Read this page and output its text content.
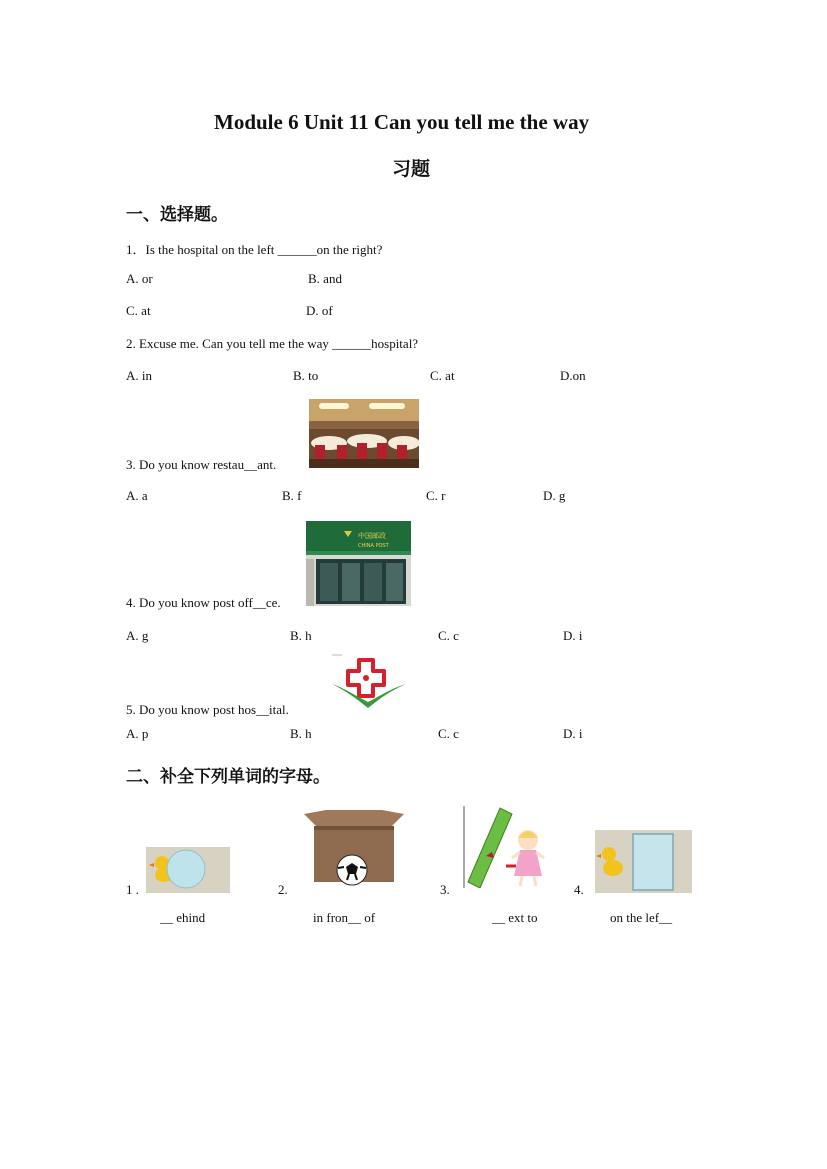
Module 6 Unit 11 Can you tell me the way
习题
一、选择题。
1．Is the hospital on the left ______on the right?
A. or	B. and
C. at	D. of
2. Excuse me. Can you tell me the way ______hospital?
A. in	B. to	C. at	D.on
3. Do you know restau__ant.
A. a	B. f	C. r	D. g
中国邮政
CHINA POST
4. Do you know post off__ce.
A. g	B. h	C. c	D. i
5. Do you know post hos__ital.
A. p	B. h	C. c	D. i
二、补全下列单词的字母。
1 .
__ ehind
2.
in fron__ of
3.
__ ext to
4.
on the lef__
